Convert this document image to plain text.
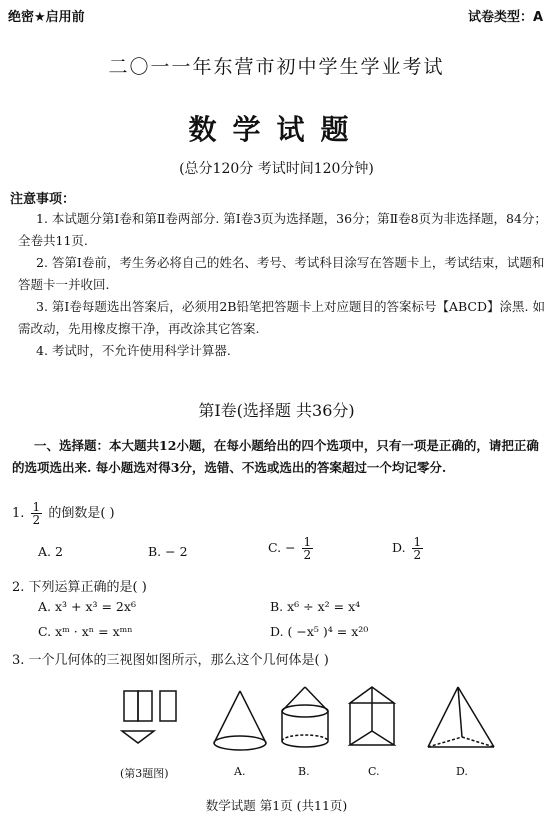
绝密★启用前	试卷类型：A
二〇一一年东营市初中学生学业考试
数学试题
(总分120分 考试时间120分钟)
注意事项：

1. 本试题分第Ⅰ卷和第Ⅱ卷两部分. 第Ⅰ卷3页为选择题，36分；第Ⅱ卷8页为非选择题，84分；全卷共11页.

2. 答第Ⅰ卷前，考生务必将自己的姓名、考号、考试科目涂写在答题卡上，考试结束，试题和答题卡一并收回.

3. 第Ⅰ卷每题选出答案后，必须用2B铅笔把答题卡上对应题目的答案标号【ABCD】涂黑. 如需改动，先用橡皮擦干净，再改涂其它答案.

4. 考试时，不允许使用科学计算器.

第Ⅰ卷(选择题 共36分)

一、选择题：本大题共12小题，在每小题给出的四个选项中，只有一项是正确的，请把正确的选项选出来. 每小题选对得3分，选错、不选或选出的答案超过一个均记零分.

1. $\frac{1}{2}$ 的倒数是( )
A. 2	B. − 2	C. − $\frac{1}{2}$	D. $\frac{1}{2}$
2. 下列运算正确的是( )
A. x³ + x³ = 2x⁶	B. x⁶ ÷ x² = x⁴
C. xᵐ · xⁿ = xᵐⁿ	D. ( −x⁵ )⁴ = x²⁰
3. 一个几何体的三视图如图所示，那么这个几何体是( )
(第3题图)	A.	B.	C.	D.
数学试题 第1页 (共11页)
